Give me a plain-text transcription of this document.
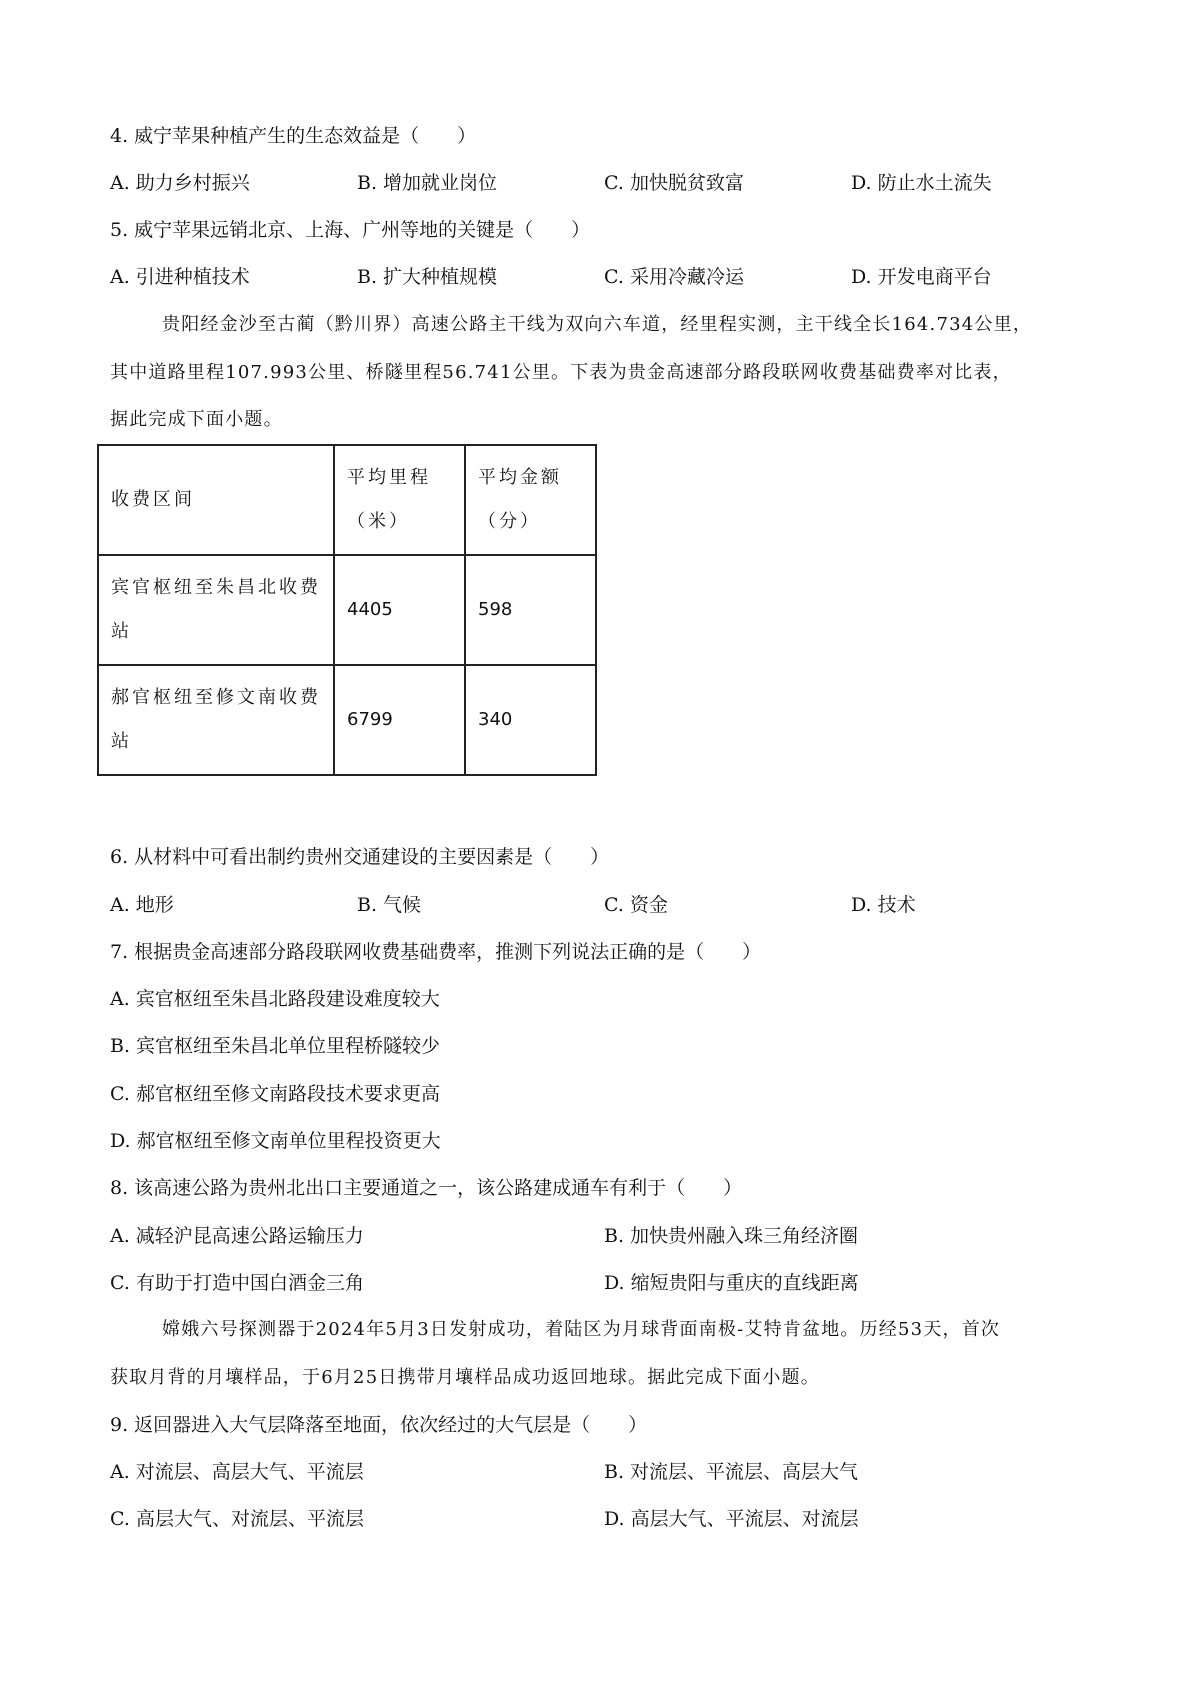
4. 威宁苹果种植产生的生态效益是（　　）
A. 助力乡村振兴	B. 增加就业岗位	C. 加快脱贫致富	D. 防止水土流失
5. 威宁苹果远销北京、上海、广州等地的关键是（　　）
A. 引进种植技术	B. 扩大种植规模	C. 采用冷藏冷运	D. 开发电商平台
贵阳经金沙至古蔺（黔川界）高速公路主干线为双向六车道，经里程实测，主干线全长164.734公里，
其中道路里程107.993公里、桥隧里程56.741公里。下表为贵金高速部分路段联网收费基础费率对比表，
据此完成下面小题。
收费区间	平均里程（米）	平均金额（分）
宾官枢纽至朱昌北收费站	4405	598
郝官枢纽至修文南收费站	6799	340
6. 从材料中可看出制约贵州交通建设的主要因素是（　　）
A. 地形	B. 气候	C. 资金	D. 技术
7. 根据贵金高速部分路段联网收费基础费率，推测下列说法正确的是（　　）
A. 宾官枢纽至朱昌北路段建设难度较大
B. 宾官枢纽至朱昌北单位里程桥隧较少
C. 郝官枢纽至修文南路段技术要求更高
D. 郝官枢纽至修文南单位里程投资更大
8. 该高速公路为贵州北出口主要通道之一，该公路建成通车有利于（　　）
A. 减轻沪昆高速公路运输压力	B. 加快贵州融入珠三角经济圈
C. 有助于打造中国白酒金三角	D. 缩短贵阳与重庆的直线距离
嫦娥六号探测器于2024年5月3日发射成功，着陆区为月球背面南极-艾特肯盆地。历经53天，首次
获取月背的月壤样品，于6月25日携带月壤样品成功返回地球。据此完成下面小题。
9. 返回器进入大气层降落至地面，依次经过的大气层是（　　）
A. 对流层、高层大气、平流层	B. 对流层、平流层、高层大气
C. 高层大气、对流层、平流层	D. 高层大气、平流层、对流层
